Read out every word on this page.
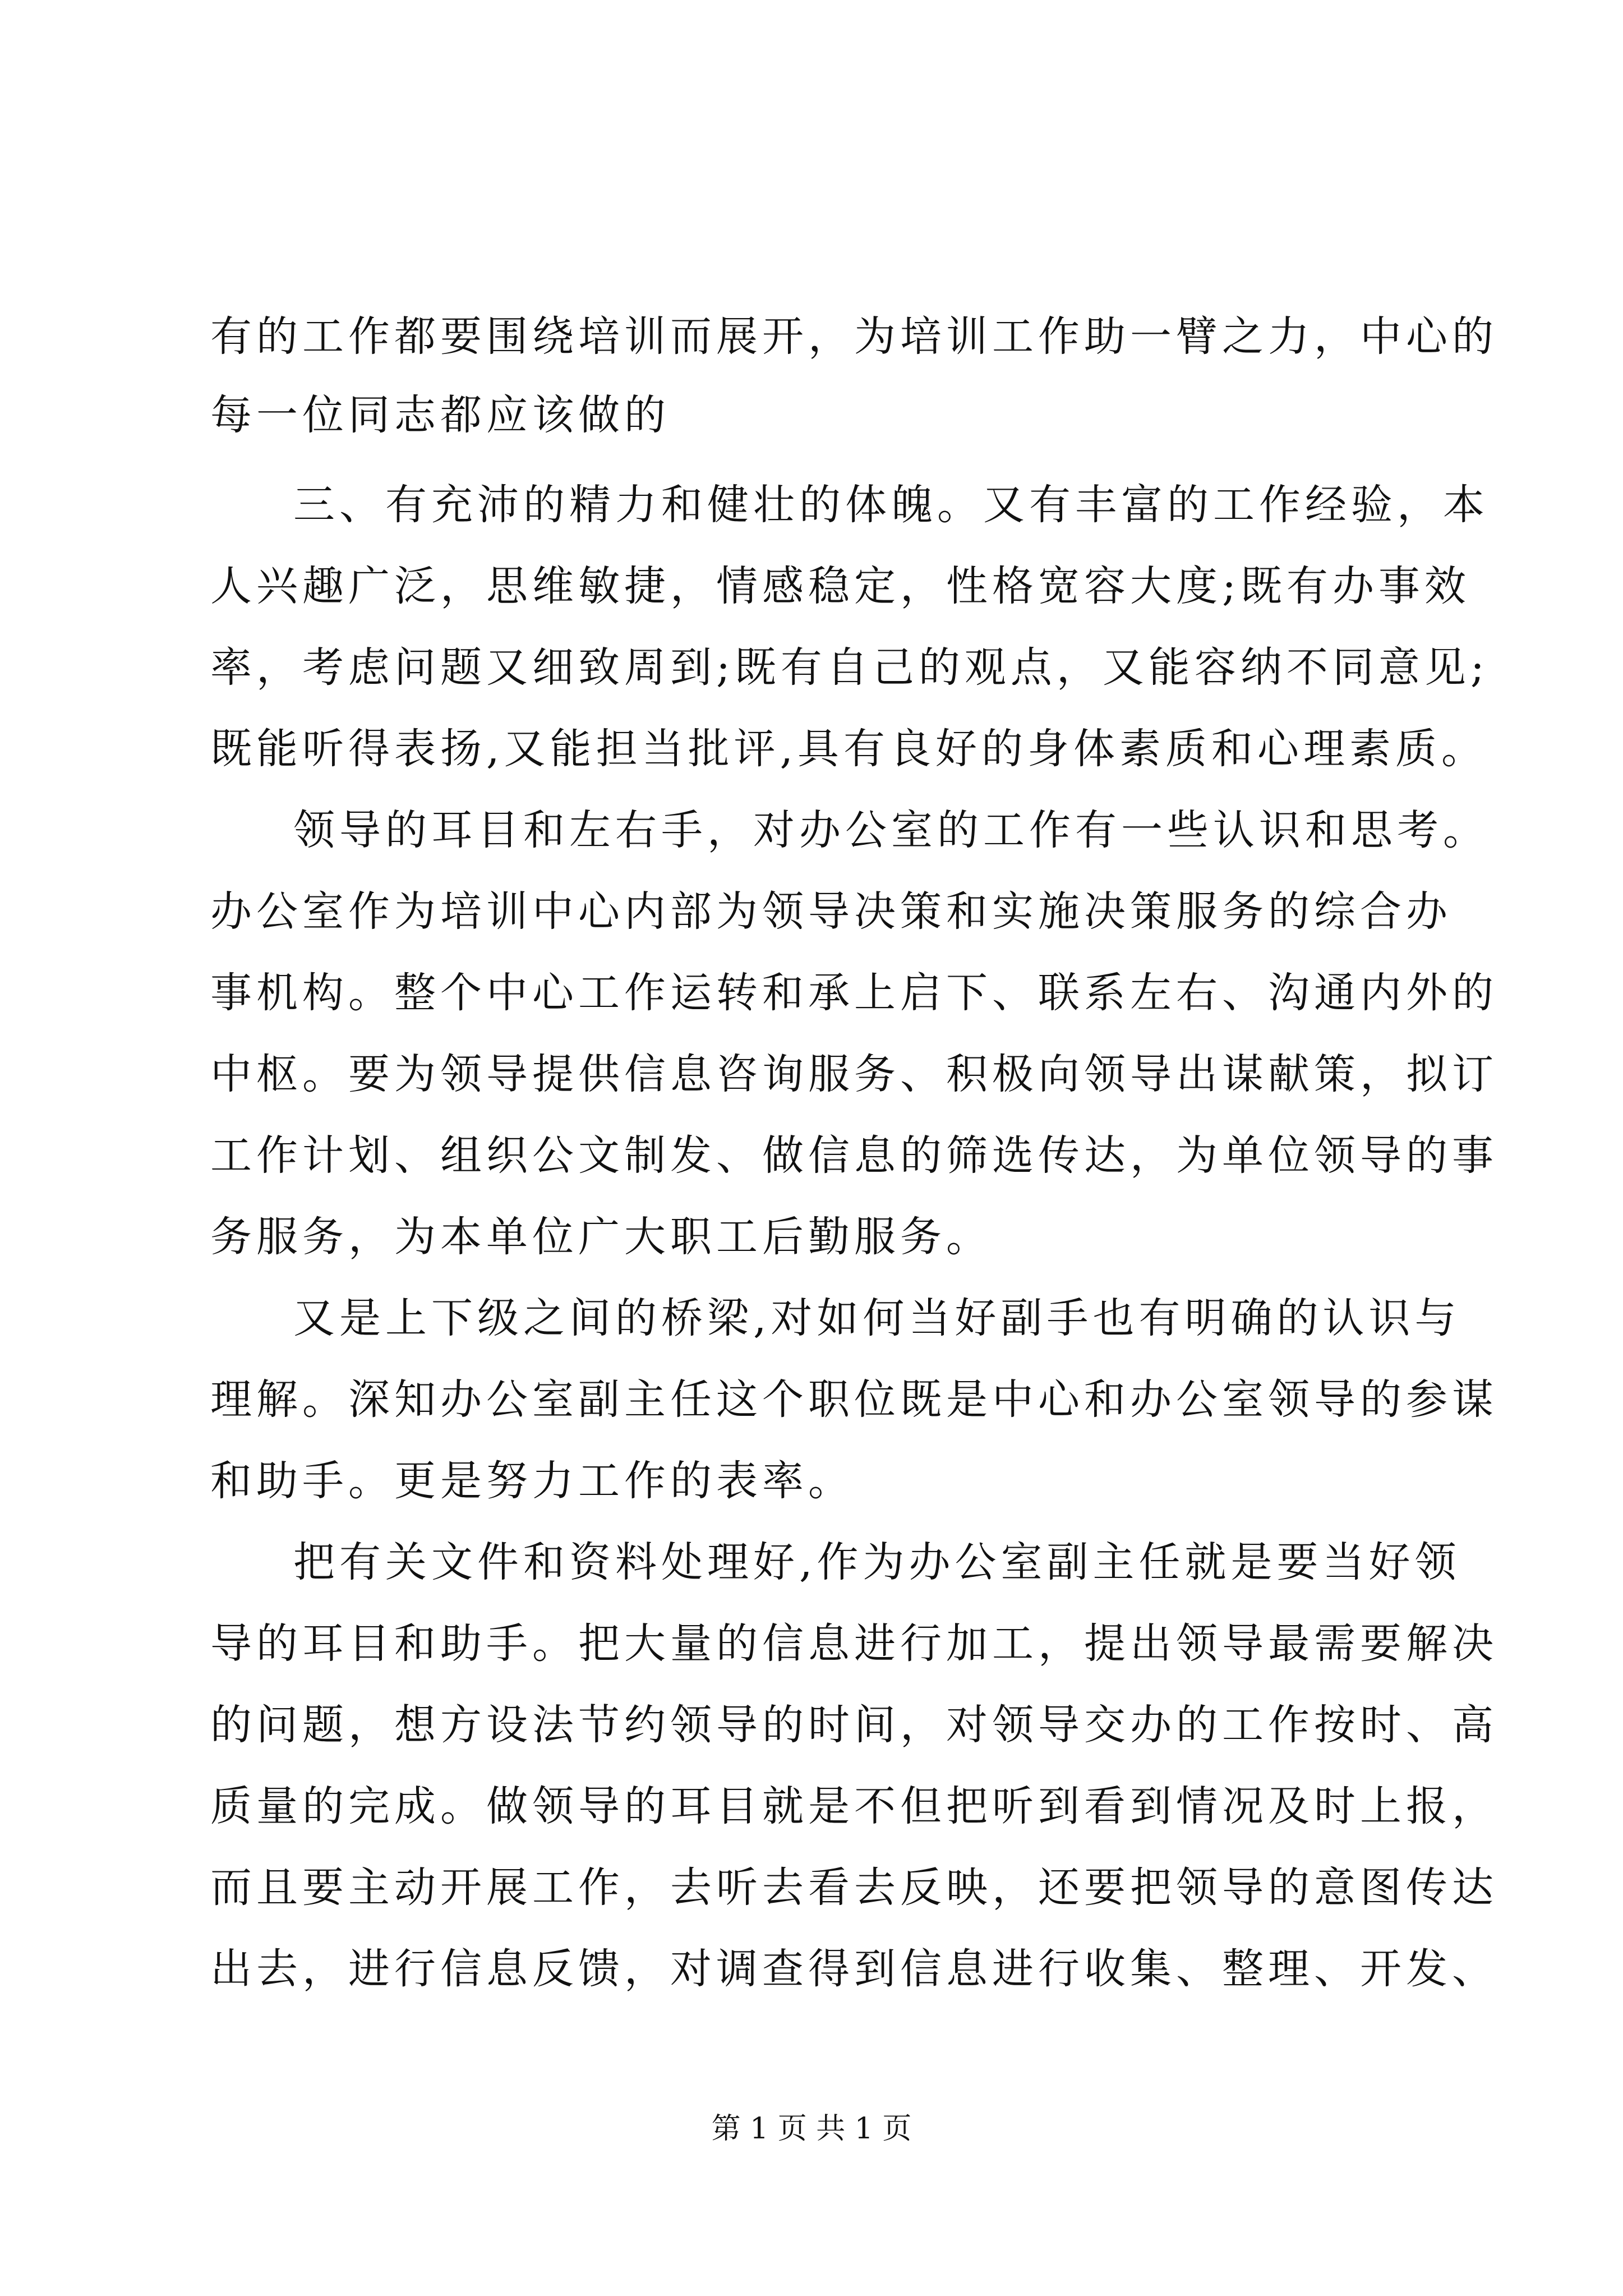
有的工作都要围绕培训而展开，为培训工作助一臂之力，中心的
每一位同志都应该做的
三、有充沛的精力和健壮的体魄。又有丰富的工作经验，本
人兴趣广泛，思维敏捷，情感稳定，性格宽容大度;既有办事效
率，考虑问题又细致周到;既有自己的观点，又能容纳不同意见;
既能听得表扬,又能担当批评,具有良好的身体素质和心理素质。
领导的耳目和左右手，对办公室的工作有一些认识和思考。
办公室作为培训中心内部为领导决策和实施决策服务的综合办
事机构。整个中心工作运转和承上启下、联系左右、沟通内外的
中枢。要为领导提供信息咨询服务、积极向领导出谋献策，拟订
工作计划、组织公文制发、做信息的筛选传达，为单位领导的事
务服务，为本单位广大职工后勤服务。
又是上下级之间的桥梁,对如何当好副手也有明确的认识与
理解。深知办公室副主任这个职位既是中心和办公室领导的参谋
和助手。更是努力工作的表率。
把有关文件和资料处理好,作为办公室副主任就是要当好领
导的耳目和助手。把大量的信息进行加工，提出领导最需要解决
的问题，想方设法节约领导的时间，对领导交办的工作按时、高
质量的完成。做领导的耳目就是不但把听到看到情况及时上报，
而且要主动开展工作，去听去看去反映，还要把领导的意图传达
出去，进行信息反馈，对调查得到信息进行收集、整理、开发、
第 1 页 共 1 页
